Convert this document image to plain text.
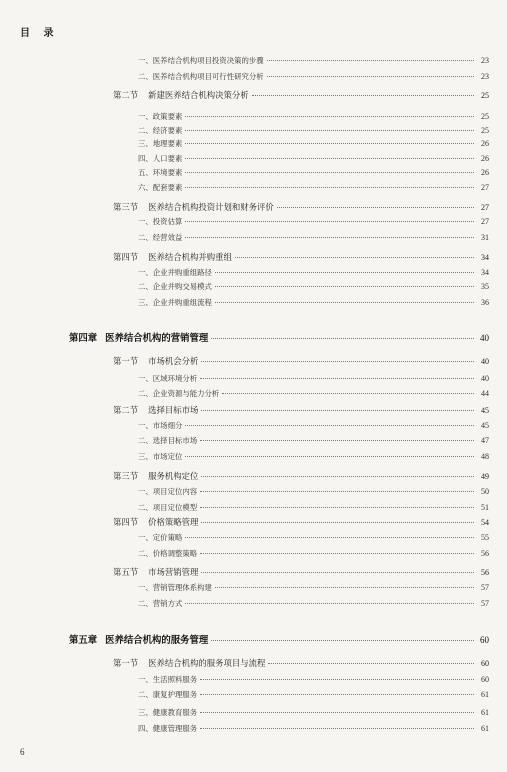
目 录
一、医养结合机构项目投资决策的步骤	23
二、医养结合机构项目可行性研究分析	23
第二节 新建医养结合机构决策分析	25
一、政策要素	25
二、经济要素	25
三、地理要素	26
四、人口要素	26
五、环境要素	26
六、配套要素	27
第三节 医养结合机构投资计划和财务评价	27
一、投资估算	27
二、经营效益	31
第四节 医养结合机构并购重组	34
一、企业并购重组路径	34
二、企业并购交易模式	35
三、企业并购重组流程	36
第四章 医养结合机构的营销管理	40
第一节 市场机会分析	40
一、区域环境分析	40
二、企业资源与能力分析	44
第二节 选择目标市场	45
一、市场细分	45
二、选择目标市场	47
三、市场定位	48
第三节 服务机构定位	49
一、项目定位内容	50
二、项目定位模型	51
第四节 价格策略管理	54
一、定价策略	55
二、价格调整策略	56
第五节 市场营销管理	56
一、营销管理体系构建	57
二、营销方式	57
第五章 医养结合机构的服务管理	60
第一节 医养结合机构的服务项目与流程	60
一、生活照料服务	60
二、康复护理服务	61
三、健康教育服务	61
四、健康管理服务	61
6
